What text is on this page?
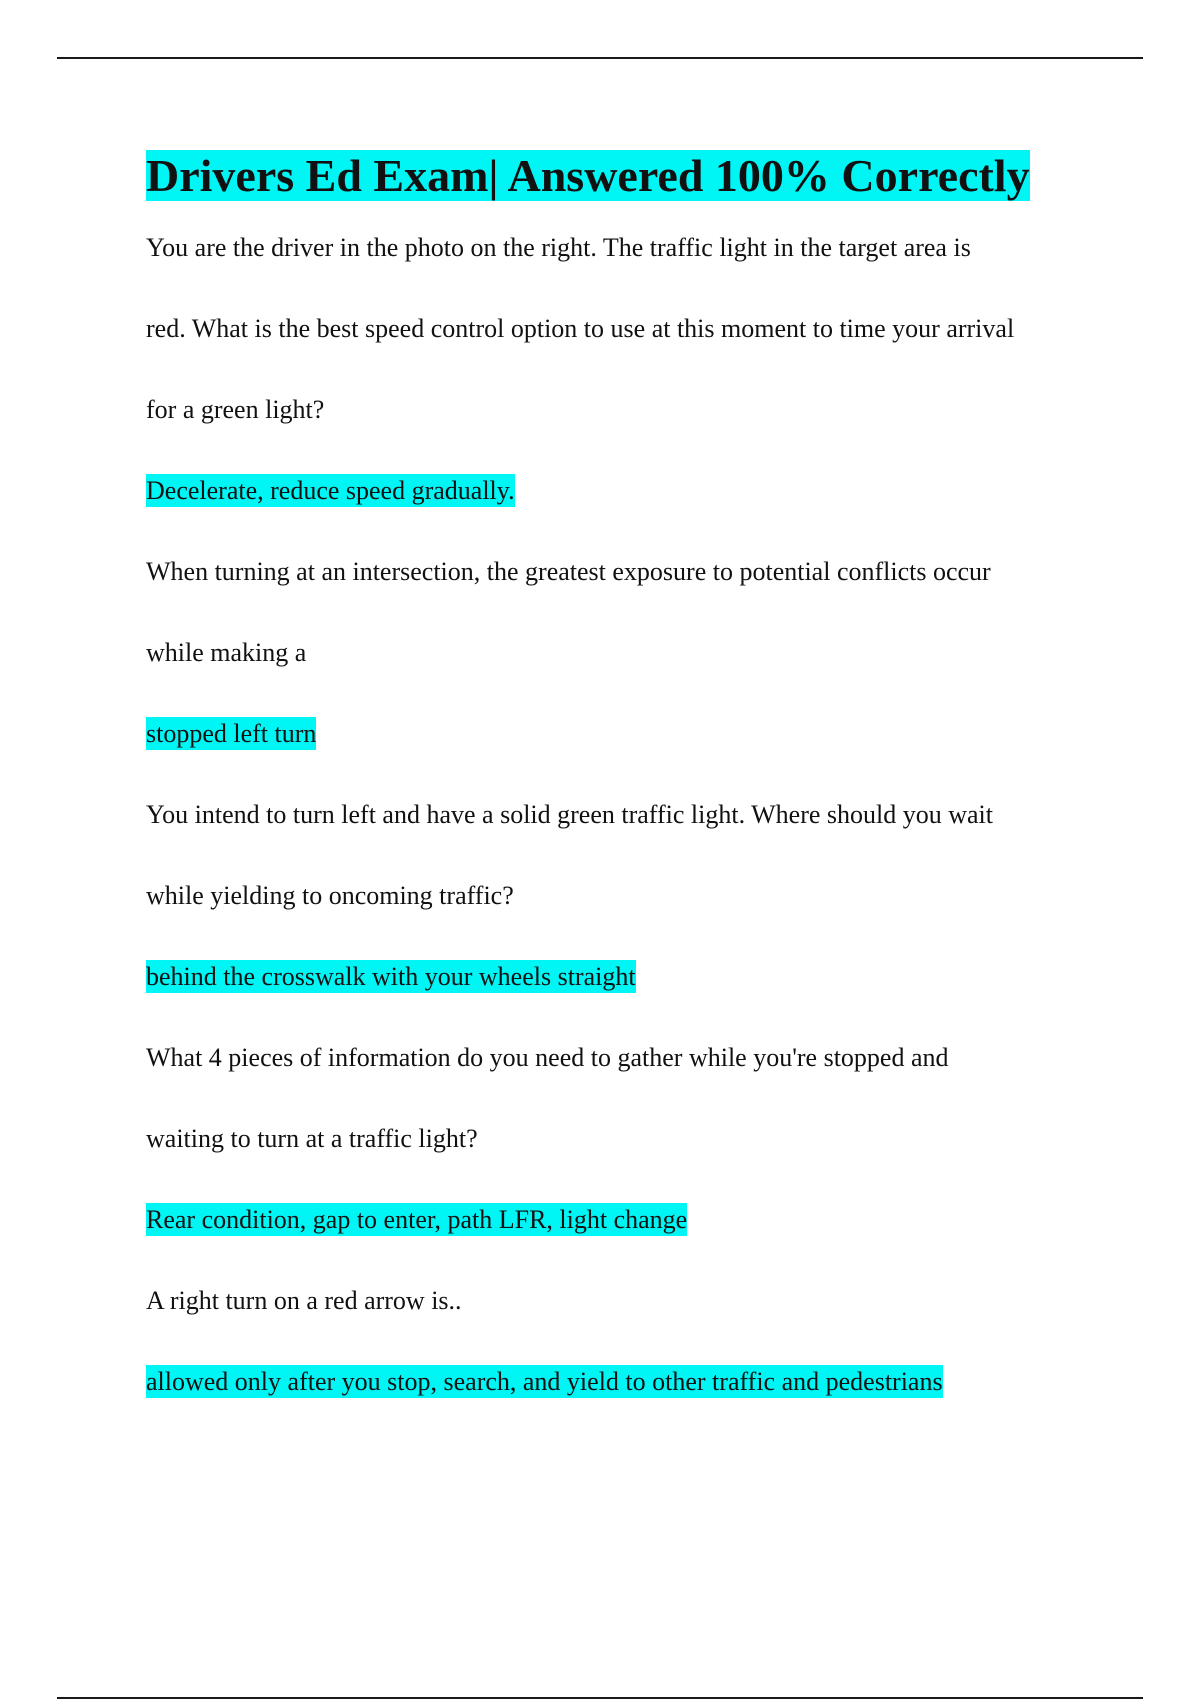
Drivers Ed Exam| Answered 100% Correctly

You are the driver in the photo on the right. The traffic light in the target area is
red. What is the best speed control option to use at this moment to time your arrival
for a green light?

Decelerate, reduce speed gradually.

When turning at an intersection, the greatest exposure to potential conflicts occur
while making a

stopped left turn

You intend to turn left and have a solid green traffic light. Where should you wait
while yielding to oncoming traffic?

behind the crosswalk with your wheels straight

What 4 pieces of information do you need to gather while you're stopped and
waiting to turn at a traffic light?

Rear condition, gap to enter, path LFR, light change

A right turn on a red arrow is..

allowed only after you stop, search, and yield to other traffic and pedestrians
